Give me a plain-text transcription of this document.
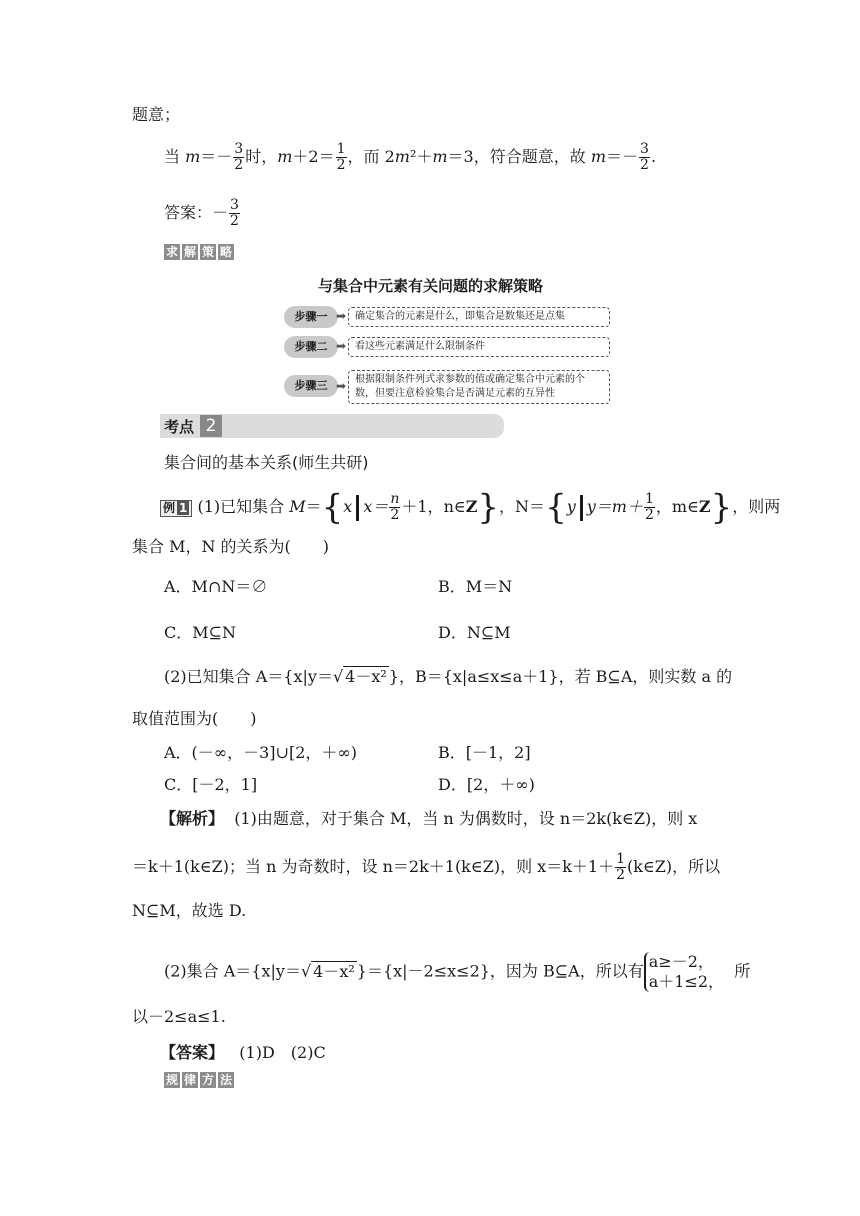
题意；
当 $m=- \frac{3}{2}$ 时，$m+2= \frac{1}{2}$ ，而 2m²＋m＝3，符合题意，故 $m=- \frac{3}{2}$ .
答案：－ $\frac{3}{2}$
求 解 策 略
与集合中元素有关问题的求解策略
步骤一 ➡ 确定集合的元素是什么，即集合是数集还是点集
步骤二 ➡ 看这些元素满足什么限制条件
步骤三 ➡ 根据限制条件列式求参数的值或确定集合中元素的个数，但要注意检验集合是否满足元素的互异性
考点 2
集合间的基本关系(师生共研)
例 1 (1)已知集合 M＝{x $x= \frac{n}{2} +1$，n∈Z}，N＝{y $y=m+ \frac{1}{2}$ ，m∈Z}，则两
集合 M，N 的关系为(　　)
A．M∩N＝∅	B．M＝N
C．M⊆N	D．N⊆M
(2)已知集合 A＝{x|y＝√ 4－x² }，B＝{x|a≤x≤a＋1}，若 B⊆A，则实数 a 的
取值范围为(　　)
A．(－∞，－3]∪[2，＋∞)	B．[－1，2]
C．[－2，1]	D．[2，＋∞)
【解析】 (1)由题意，对于集合 M，当 n 为偶数时，设 n＝2k(k∈Z)，则 x
＝k＋1(k∈Z)；当 n 为奇数时，设 n＝2k＋1(k∈Z)，则 $x=k+1+ \frac{1}{2}$ (k∈Z)，所以
N⊆M，故选 D.
(2)集合 A＝{x|y＝√ 4－x² }＝{x|－2≤x≤2}，因为 B⊆A，所以有 a≥－2，
a＋1≤2，
所
以－2≤a≤1.
【答案】 (1)D　(2)C
规 律 方 法
